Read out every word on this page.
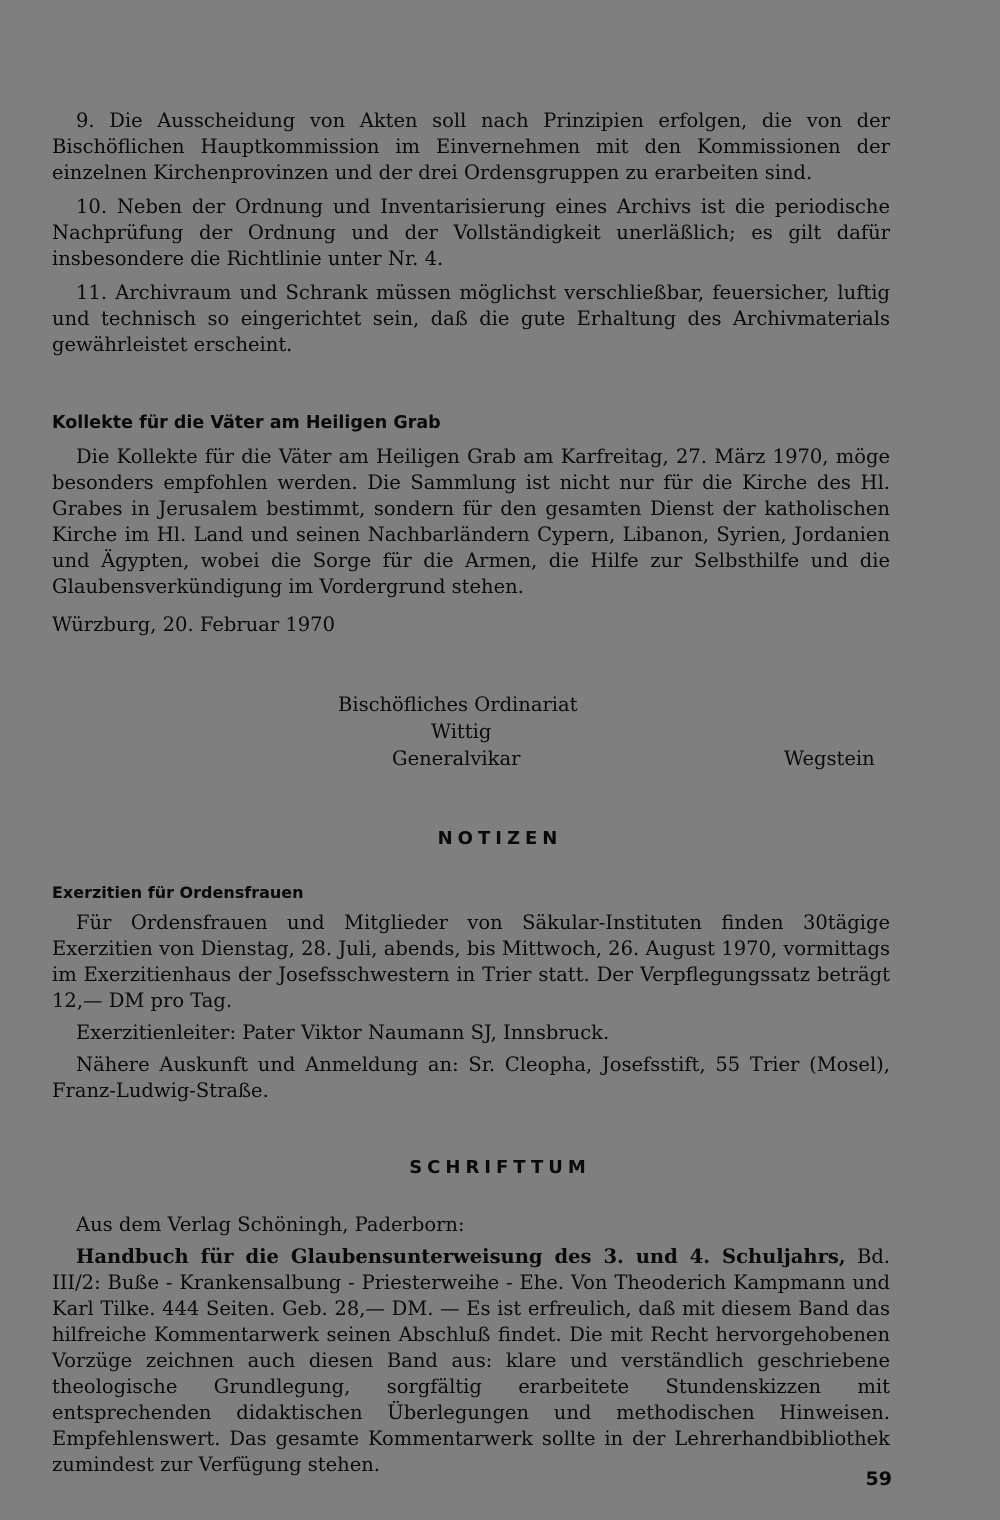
9. Die Ausscheidung von Akten soll nach Prinzipien erfolgen, die von der Bischöflichen Hauptkommission im Einvernehmen mit den Kommissionen der einzelnen Kirchenprovinzen und der drei Ordensgruppen zu erarbeiten sind.

10. Neben der Ordnung und Inventarisierung eines Archivs ist die periodische Nachprüfung der Ordnung und der Vollständigkeit unerläßlich; es gilt dafür insbesondere die Richtlinie unter Nr. 4.

11. Archivraum und Schrank müssen möglichst verschließbar, feuersicher, luftig und technisch so eingerichtet sein, daß die gute Erhaltung des Archivmaterials gewährleistet erscheint.

Kollekte für die Väter am Heiligen Grab

Die Kollekte für die Väter am Heiligen Grab am Karfreitag, 27. März 1970, möge besonders empfohlen werden. Die Sammlung ist nicht nur für die Kirche des Hl. Grabes in Jerusalem bestimmt, sondern für den gesamten Dienst der katholischen Kirche im Hl. Land und seinen Nachbarländern Cypern, Libanon, Syrien, Jordanien und Ägypten, wobei die Sorge für die Armen, die Hilfe zur Selbsthilfe und die Glaubensverkündigung im Vordergrund stehen.

Würzburg, 20. Februar 1970

Bischöfliches Ordinariat
Wittig
Generalvikar	Wegstein
NOTIZEN

Exerzitien für Ordensfrauen

Für Ordensfrauen und Mitglieder von Säkular-Instituten finden 30tägige Exerzitien von Dienstag, 28. Juli, abends, bis Mittwoch, 26. August 1970, vormittags im Exerzitienhaus der Josefsschwestern in Trier statt. Der Verpflegungssatz beträgt 12,— DM pro Tag.

Exerzitienleiter: Pater Viktor Naumann SJ, Innsbruck.

Nähere Auskunft und Anmeldung an: Sr. Cleopha, Josefsstift, 55 Trier (Mosel), Franz-Ludwig-Straße.

SCHRIFTTUM

Aus dem Verlag Schöningh, Paderborn:

Handbuch für die Glaubensunterweisung des 3. und 4. Schuljahrs, Bd. III/2: Buße - Krankensalbung - Priesterweihe - Ehe. Von Theoderich Kampmann und Karl Tilke. 444 Seiten. Geb. 28,— DM. — Es ist erfreulich, daß mit diesem Band das hilfreiche Kommentarwerk seinen Abschluß findet. Die mit Recht hervorgehobenen Vorzüge zeichnen auch diesen Band aus: klare und verständlich geschriebene theologische Grundlegung, sorgfältig erarbeitete Stundenskizzen mit entsprechenden didaktischen Überlegungen und methodischen Hinweisen. Empfehlenswert. Das gesamte Kommentarwerk sollte in der Lehrerhandbibliothek zumindest zur Verfügung stehen.

59
